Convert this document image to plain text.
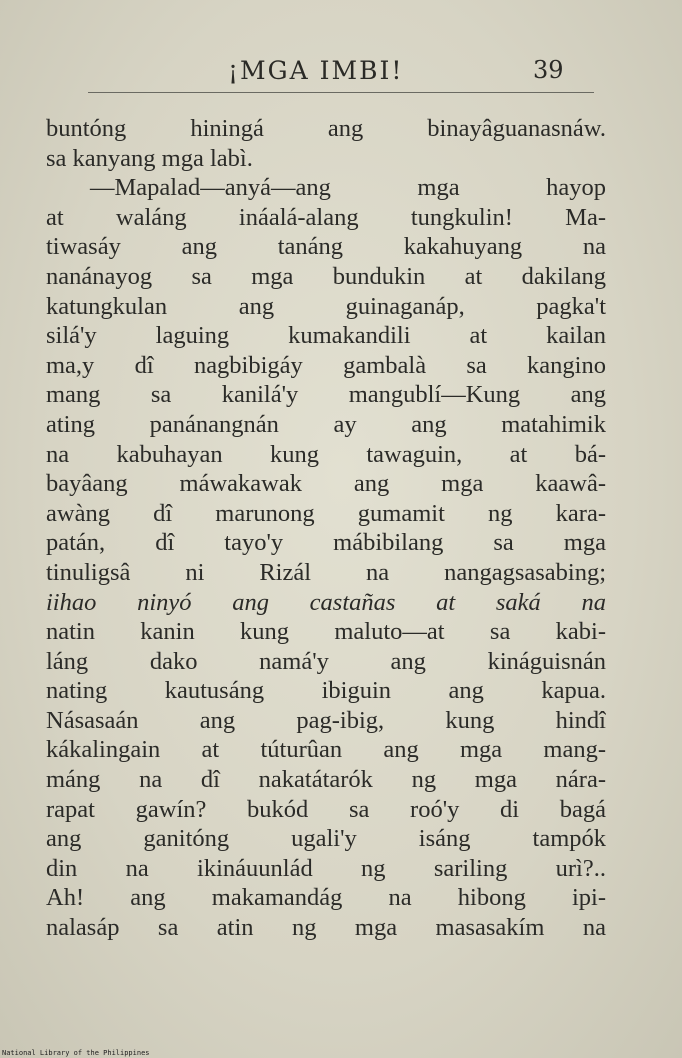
¡MGA IMBI!	39
buntóng hiningá ang binayâguanasnáw.
sa kanyang mga labì.
—Mapalad—anyá—ang mga hayop
at waláng ináalá-alang tungkulin! Ma-
tiwasáy ang tanáng kakahuyang na
nanánayog sa mga bundukin at dakilang
katungkulan ang guinaganáp, pagka't
silá'y laguing kumakandili at kailan
ma,y dî nagbibigáy gambalà sa kangino
mang sa kanilá'y mangublí—Kung ang
ating panánangnán ay ang matahimik
na kabuhayan kung tawaguin, at bá-
bayâang máwakawak ang mga kaawâ-
awàng dî marunong gumamit ng kara-
patán, dî tayo'y mábibilang sa mga
tinuligsâ ni Rizál na nangagsasabing;
iihao ninyó ang castañas at saká na
natin kanin kung maluto—at sa kabi-
láng dako namá'y ang kináguisnán
nating kautusáng ibiguin ang kapua.
Násasaán ang pag-ibig, kung hindî
kákalingain at túturûan ang mga mang-
máng na dî nakatátarók ng mga nára-
rapat gawín? bukód sa roó'y di bagá
ang ganitóng ugali'y isáng tampók
din na ikináuunlád ng sariling urì?..
Ah! ang makamandág na hibong ipi-
nalasáp sa atin ng mga masasakím na
National Library of the Philippines
